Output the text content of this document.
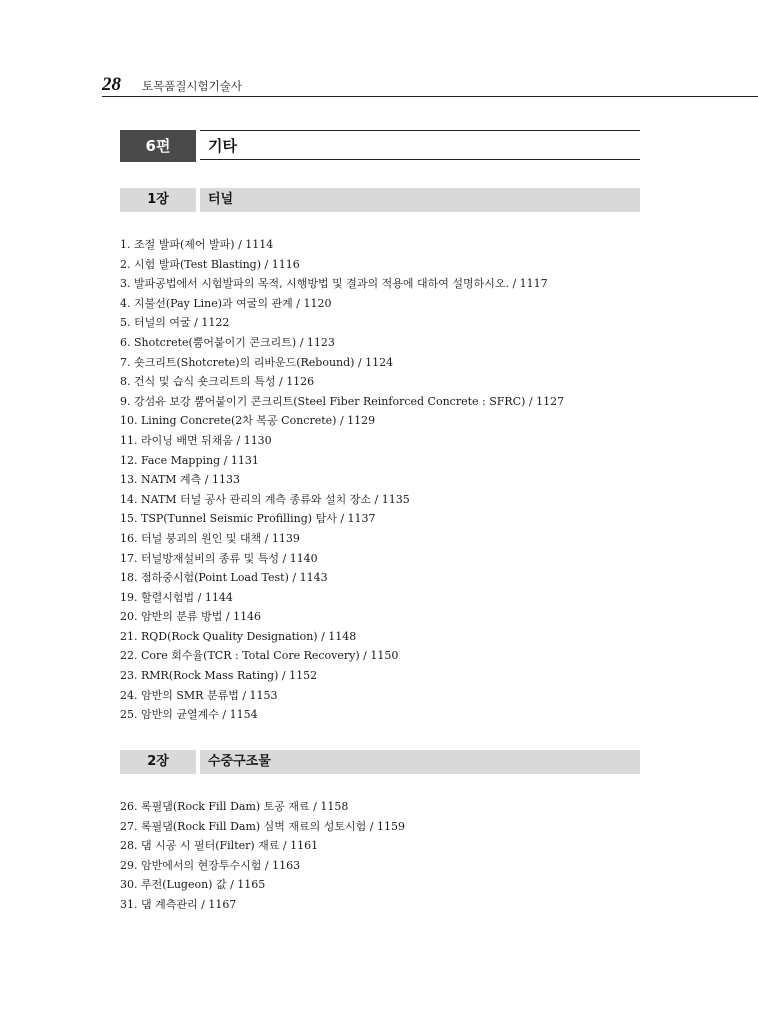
28 토목품질시험기술사
6편	기타
1장	터널
1. 조절 발파(제어 발파) / 1114
2. 시험 발파(Test Blasting) / 1116
3. 발파공법에서 시험발파의 목적, 시행방법 및 결과의 적용에 대하여 설명하시오. / 1117
4. 지불선(Pay Line)과 여굴의 관계 / 1120
5. 터널의 여굴 / 1122
6. Shotcrete(뿜어붙이기 콘크리트) / 1123
7. 숏크리트(Shotcrete)의 리바운드(Rebound) / 1124
8. 건식 및 습식 숏크리트의 특성 / 1126
9. 강섬유 보강 뿜어붙이기 콘크리트(Steel Fiber Reinforced Concrete : SFRC) / 1127
10. Lining Concrete(2차 복공 Concrete) / 1129
11. 라이닝 배면 뒤채움 / 1130
12. Face Mapping / 1131
13. NATM 계측 / 1133
14. NATM 터널 공사 관리의 계측 종류와 설치 장소 / 1135
15. TSP(Tunnel Seismic Profilling) 탐사 / 1137
16. 터널 붕괴의 원인 및 대책 / 1139
17. 터널방재설비의 종류 및 특성 / 1140
18. 점하중시험(Point Load Test) / 1143
19. 할렬시험법 / 1144
20. 암반의 분류 방법 / 1146
21. RQD(Rock Quality Designation) / 1148
22. Core 회수율(TCR : Total Core Recovery) / 1150
23. RMR(Rock Mass Rating) / 1152
24. 암반의 SMR 분류법 / 1153
25. 암반의 균열계수 / 1154
2장	수중구조물
26. 록필댐(Rock Fill Dam) 토공 재료 / 1158
27. 록필댐(Rock Fill Dam) 심벽 재료의 성토시험 / 1159
28. 댐 시공 시 필터(Filter) 재료 / 1161
29. 암반에서의 현장투수시험 / 1163
30. 루전(Lugeon) 값 / 1165
31. 댐 계측관리 / 1167
